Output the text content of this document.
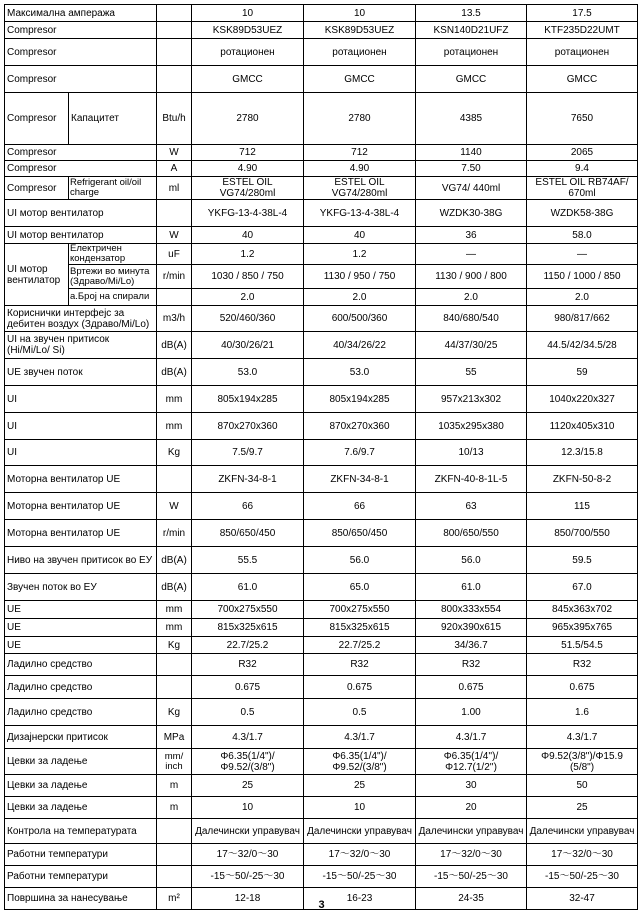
Максимална ампеража			10	10	13.5	17.5
Compresor			KSK89D53UEZ	KSK89D53UEZ	KSN140D21UFZ	KTF235D22UMT
Compresor			ротационен	ротационен	ротационен	ротационен
Compresor			GMCC	GMCC	GMCC	GMCC
Compresor	Капацитет	Btu/h	2780	2780	4385	7650
Compresor		W	712	712	1140	2065
Compresor		A	4.90	4.90	7.50	9.4
Compresor	Refrigerant oil/oil charge	ml	ESTEL OIL VG74/280ml	ESTEL OIL VG74/280ml	VG74/ 440ml	ESTEL OIL RB74AF/ 670ml
UI мотор вентилатор			YKFG-13-4-38L-4	YKFG-13-4-38L-4	WZDK30-38G	WZDK58-38G
UI мотор вентилатор		W	40	40	36	58.0
UI мотор вентилатор	Електричен кондензатор	uF	1.2	1.2	—	—
	Вртежи во минута (Здраво/Mi/Lo)	r/min	1030 / 850 / 750	1130 / 950 / 750	1130 / 900 / 800	1150 / 1000 / 850
	а.Број на спирали		2.0	2.0	2.0	2.0
Кориснички интерфејс за дебитен воздух (Здраво/Mi/Lo)		m3/h	520/460/360	600/500/360	840/680/540	980/817/662
UI на звучен притисок (Hi/Mi/Lo/ Si)		dB(A)	40/30/26/21	40/34/26/22	44/37/30/25	44.5/42/34.5/28
UE звучен поток		dB(A)	53.0	53.0	55	59
UI		mm	805x194x285	805x194x285	957x213x302	1040x220x327
UI		mm	870x270x360	870x270x360	1035x295x380	1120x405x310
UI		Kg	7.5/9.7	7.6/9.7	10/13	12.3/15.8
Моторна вентилатор UE			ZKFN-34-8-1	ZKFN-34-8-1	ZKFN-40-8-1L-5	ZKFN-50-8-2
Моторна вентилатор UE		W	66	66	63	115
Моторна вентилатор UE		r/min	850/650/450	850/650/450	800/650/550	850/700/550
Ниво на звучен притисок во ЕУ		dB(A)	55.5	56.0	56.0	59.5
Звучен поток во ЕУ		dB(A)	61.0	65.0	61.0	67.0
UE		mm	700x275x550	700x275x550	800x333x554	845x363x702
UE		mm	815x325x615	815x325x615	920x390x615	965x395x765
UE		Kg	22.7/25.2	22.7/25.2	34/36.7	51.5/54.5
Ладилно средство			R32	R32	R32	R32
Ладилно средство			0.675	0.675	0.675	0.675
Ладилно средство		Kg	0.5	0.5	1.00	1.6
Дизајнерски притисок		MPa	4.3/1.7	4.3/1.7	4.3/1.7	4.3/1.7
Цевки за ладење		mm/ inch	Φ6.35(1/4")/Φ9.52/(3/8")	Φ6.35(1/4")/Φ9.52/(3/8")	Φ6.35(1/4'')/Φ12.7(1/2'')	Φ9.52(3/8")/Φ15.9 (5/8")
Цевки за ладење		m	25	25	30	50
Цевки за ладење		m	10	10	20	25
Контрола на температурата			Далечински управувач	Далечински управувач	Далечински управувач	Далечински управувач
Работни температури			17～32/0～30	17～32/0～30	17～32/0～30	17～32/0～30
Работни температури			-15～50/-25～30	-15～50/-25～30	-15～50/-25～30	-15～50/-25～30
Површина за нанесување		m²	12-18	16-23	24-35	32-47
3
